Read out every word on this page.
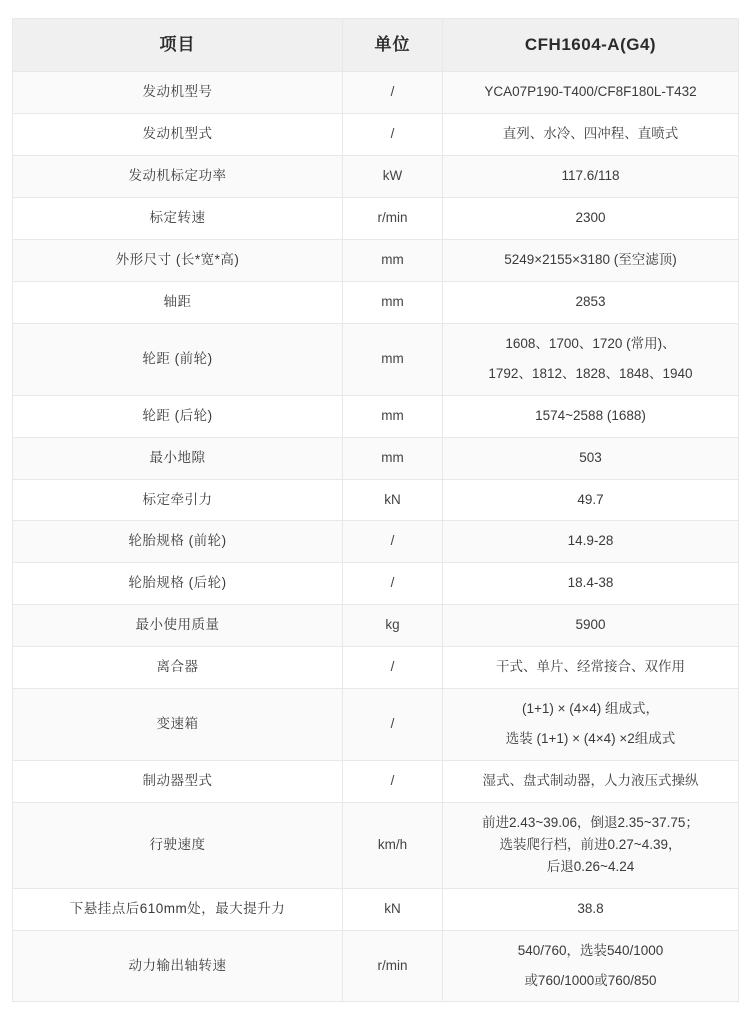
项目	单位	CFH1604-A(G4)
发动机型号	/	YCA07P190-T400/CF8F180L-T432

发动机型式	/	直列、水冷、四冲程、直喷式

发动机标定功率	kW	117.6/118

标定转速	r/min	2300

外形尺寸 (长*宽*高)	mm	5249×2155×3180 (至空滤顶)

轴距	mm	2853

轮距 (前轮)	mm	1608、1700、1720 (常用)、
1792、1812、1828、1848、1940

轮距 (后轮)	mm	1574~2588 (1688)

最小地隙	mm	503

标定牵引力	kN	49.7

轮胎规格 (前轮)	/	14.9-28

轮胎规格 (后轮)	/	18.4-38

最小使用质量	kg	5900

离合器	/	干式、单片、经常接合、双作用

变速箱	/	(1+1) × (4×4) 组成式，
选装 (1+1) × (4×4) ×2组成式

制动器型式	/	湿式、盘式制动器，人力液压式操纵

行驶速度	km/h	前进2.43~39.06，倒退2.35~37.75；
选装爬行档，前进0.27~4.39，
后退0.26~4.24

下悬挂点后610mm处，最大提升力	kN	38.8

动力输出轴转速	r/min	540/760，选装540/1000
或760/1000或760/850
